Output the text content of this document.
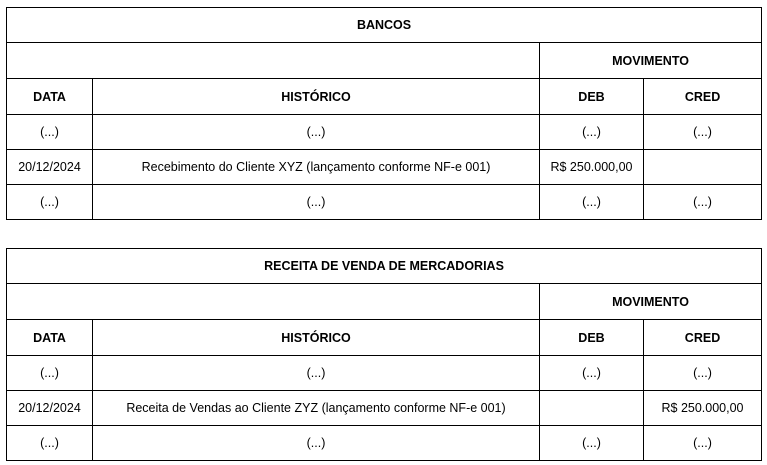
BANCOS			
		MOVIMENTO	
DATA	HISTÓRICO	DEB	CRED
(...)	(...)	(...)	(...)
20/12/2024	Recebimento do Cliente XYZ (lançamento conforme NF-e 001)	R$ 250.000,00	
(...)	(...)	(...)	(...)
RECEITA DE VENDA DE MERCADORIAS			
		MOVIMENTO	
DATA	HISTÓRICO	DEB	CRED
(...)	(...)	(...)	(...)
20/12/2024	Receita de Vendas ao Cliente ZYZ (lançamento conforme NF-e 001)		R$ 250.000,00
(...)	(...)	(...)	(...)
